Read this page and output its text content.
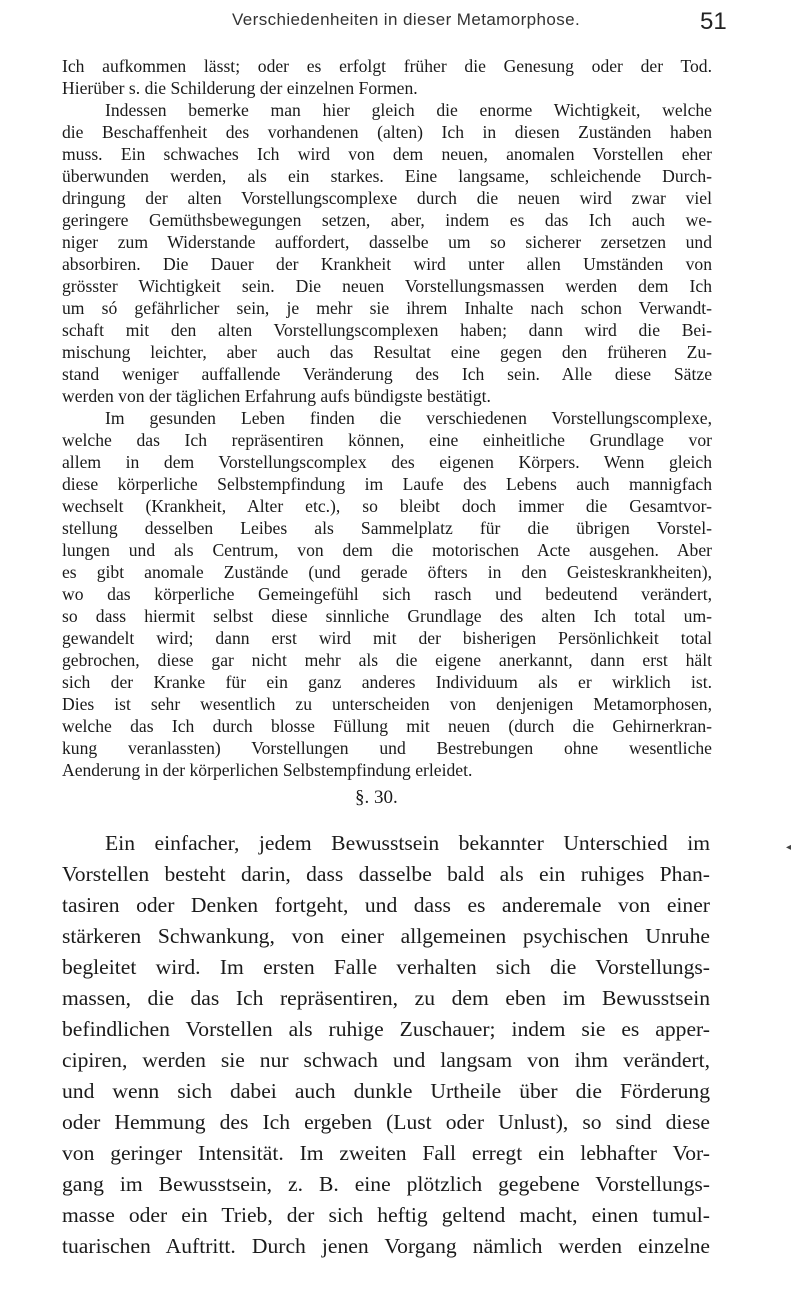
Verschiedenheiten in dieser Metamorphose.	51

Ich aufkommen lässt; oder es erfolgt früher die Genesung oder der Tod.

Hierüber s. die Schilderung der einzelnen Formen.

Indessen bemerke man hier gleich die enorme Wichtigkeit, welche

die Beschaffenheit des vorhandenen (alten) Ich in diesen Zuständen haben

muss. Ein schwaches Ich wird von dem neuen, anomalen Vorstellen eher

überwunden werden, als ein starkes. Eine langsame, schleichende Durch-

dringung der alten Vorstellungscomplexe durch die neuen wird zwar viel

geringere Gemüthsbewegungen setzen, aber, indem es das Ich auch we-

niger zum Widerstande auffordert, dasselbe um so sicherer zersetzen und

absorbiren. Die Dauer der Krankheit wird unter allen Umständen von

grösster Wichtigkeit sein. Die neuen Vorstellungsmassen werden dem Ich

um só gefährlicher sein, je mehr sie ihrem Inhalte nach schon Verwandt-

schaft mit den alten Vorstellungscomplexen haben; dann wird die Bei-

mischung leichter, aber auch das Resultat eine gegen den früheren Zu-

stand weniger auffallende Veränderung des Ich sein. Alle diese Sätze

werden von der täglichen Erfahrung aufs bündigste bestätigt.

Im gesunden Leben finden die verschiedenen Vorstellungscomplexe,

welche das Ich repräsentiren können, eine einheitliche Grundlage vor

allem in dem Vorstellungscomplex des eigenen Körpers. Wenn gleich

diese körperliche Selbstempfindung im Laufe des Lebens auch mannigfach

wechselt (Krankheit, Alter etc.), so bleibt doch immer die Gesamtvor-

stellung desselben Leibes als Sammelplatz für die übrigen Vorstel-

lungen und als Centrum, von dem die motorischen Acte ausgehen. Aber

es gibt anomale Zustände (und gerade öfters in den Geisteskrankheiten),

wo das körperliche Gemeingefühl sich rasch und bedeutend verändert,

so dass hiermit selbst diese sinnliche Grundlage des alten Ich total um-

gewandelt wird; dann erst wird mit der bisherigen Persönlichkeit total

gebrochen, diese gar nicht mehr als die eigene anerkannt, dann erst hält

sich der Kranke für ein ganz anderes Individuum als er wirklich ist.

Dies ist sehr wesentlich zu unterscheiden von denjenigen Metamorphosen,

welche das Ich durch blosse Füllung mit neuen (durch die Gehirnerkran-

kung veranlassten) Vorstellungen und Bestrebungen ohne wesentliche

Aenderung in der körperlichen Selbstempfindung erleidet.

§. 30.
◂

Ein einfacher, jedem Bewusstsein bekannter Unterschied im

Vorstellen besteht darin, dass dasselbe bald als ein ruhiges Phan-

tasiren oder Denken fortgeht, und dass es anderemale von einer

stärkeren Schwankung, von einer allgemeinen psychischen Unruhe

begleitet wird. Im ersten Falle verhalten sich die Vorstellungs-

massen, die das Ich repräsentiren, zu dem eben im Bewusstsein

befindlichen Vorstellen als ruhige Zuschauer; indem sie es apper-

cipiren, werden sie nur schwach und langsam von ihm verändert,

und wenn sich dabei auch dunkle Urtheile über die Förderung

oder Hemmung des Ich ergeben (Lust oder Unlust), so sind diese

von geringer Intensität. Im zweiten Fall erregt ein lebhafter Vor-

gang im Bewusstsein, z. B. eine plötzlich gegebene Vorstellungs-

masse oder ein Trieb, der sich heftig geltend macht, einen tumul-

tuarischen Auftritt. Durch jenen Vorgang nämlich werden einzelne
